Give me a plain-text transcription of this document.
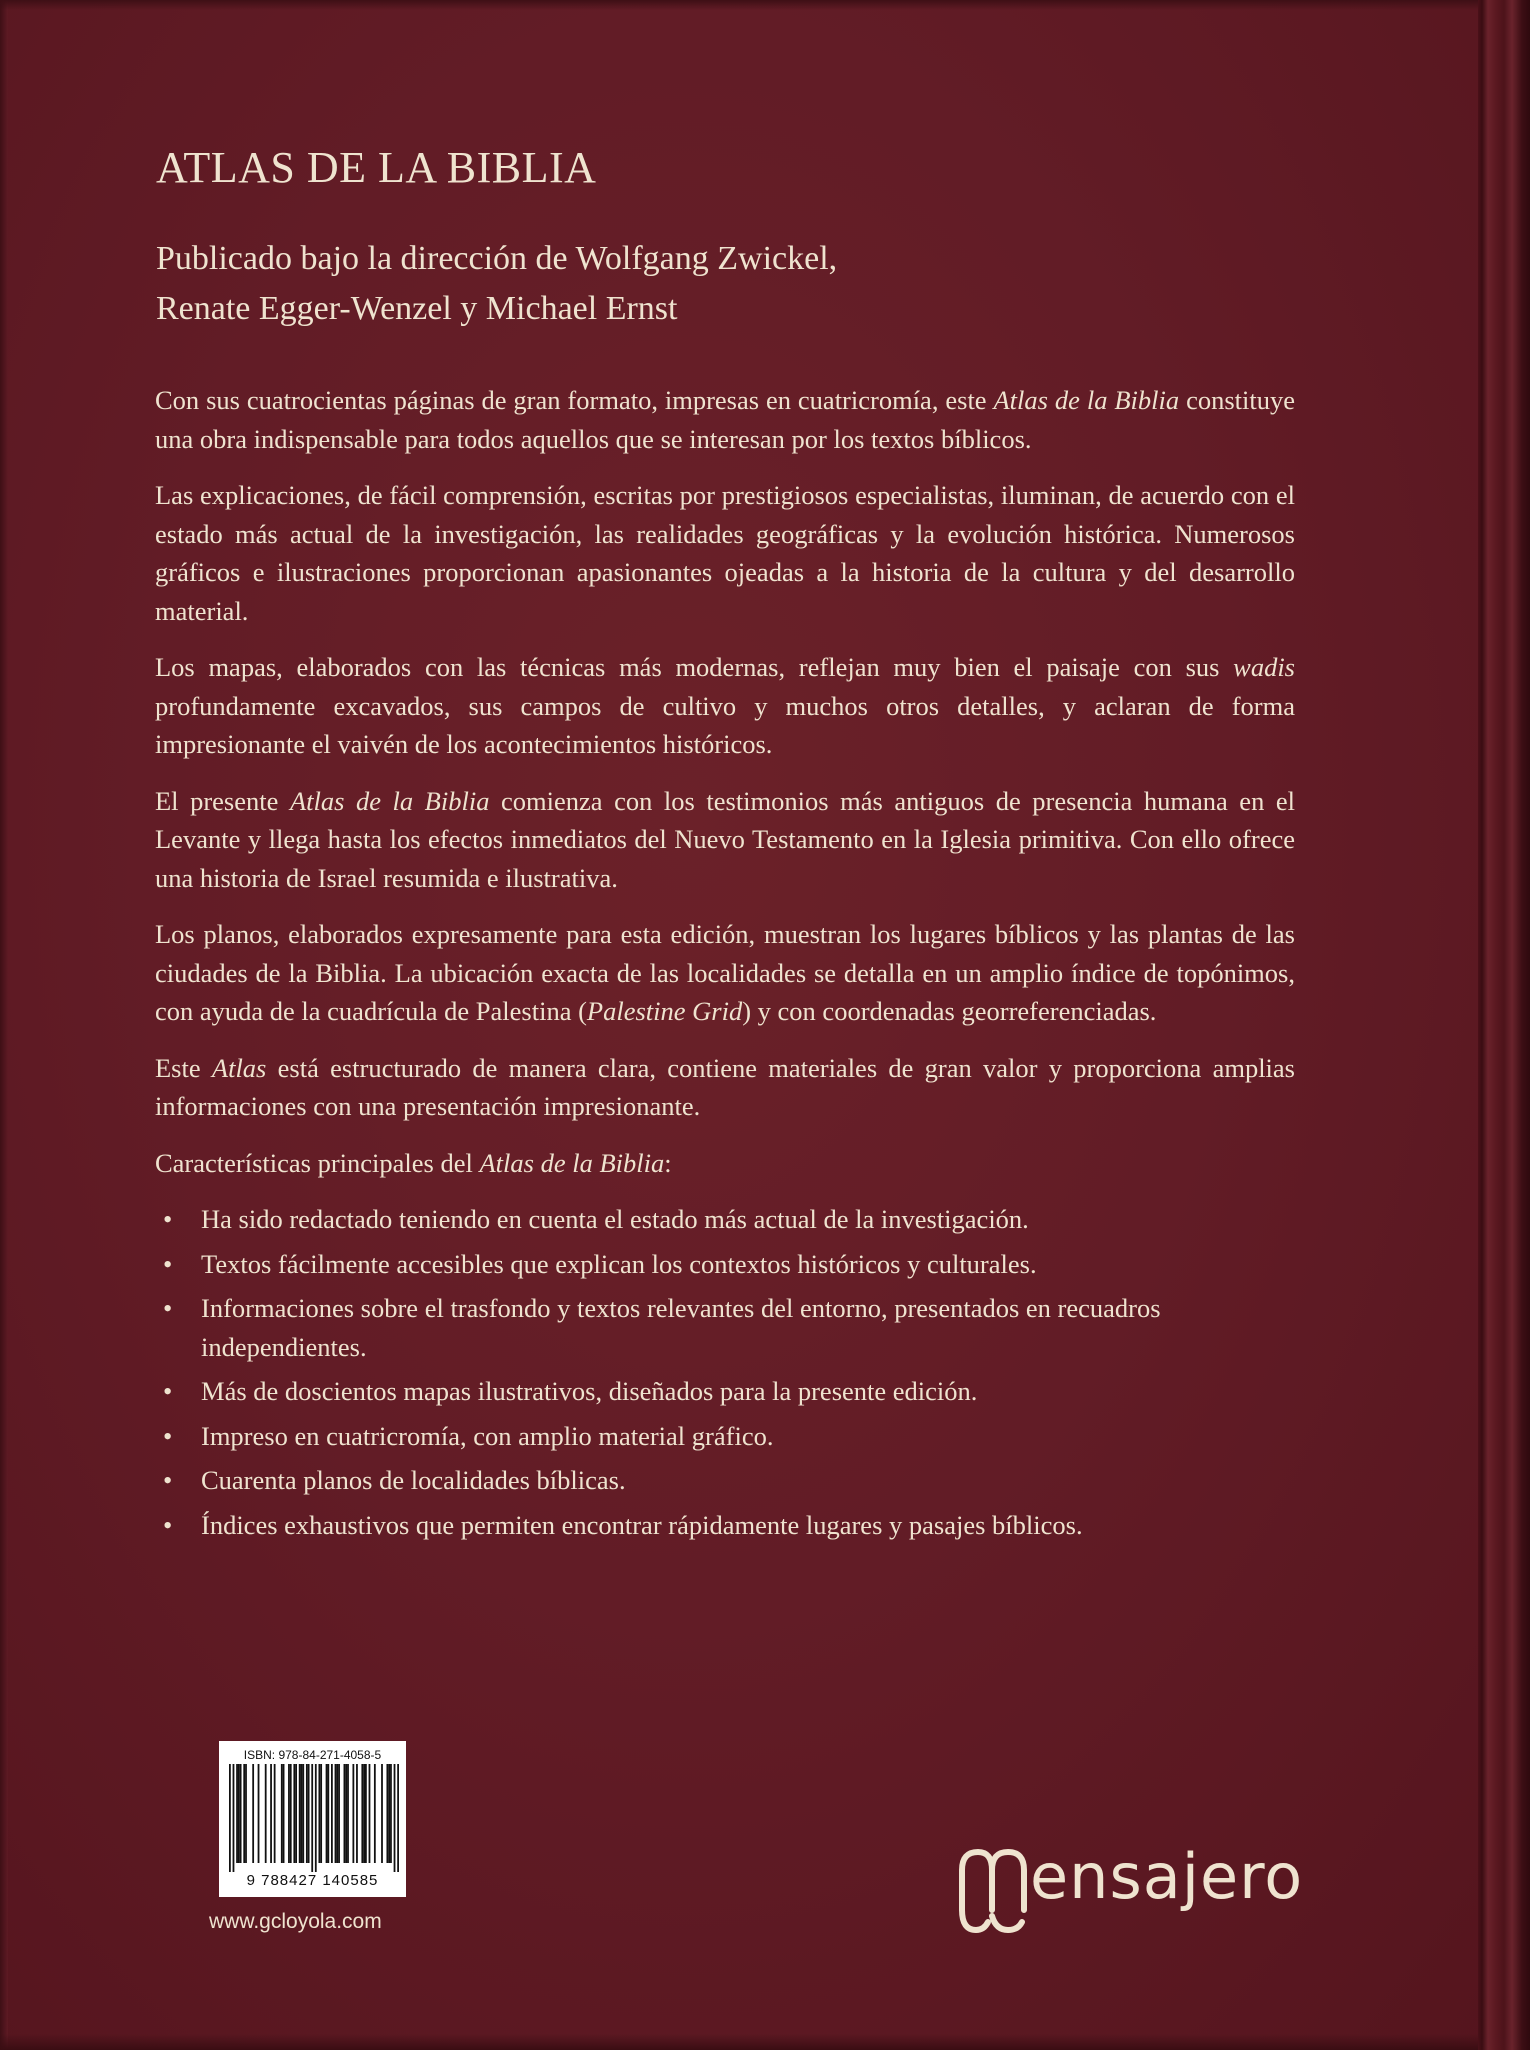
ATLAS DE LA BIBLIA
Publicado bajo la dirección de Wolfgang Zwickel,
Renate Egger-Wenzel y Michael Ernst

Con sus cuatrocientas páginas de gran formato, impresas en cuatricromía, este Atlas de la Biblia constituye una obra indispensable para todos aquellos que se interesan por los textos bíblicos.

Las explicaciones, de fácil comprensión, escritas por prestigiosos especialistas, iluminan, de acuerdo con el estado más actual de la investigación, las realidades geográficas y la evolución histórica. Numerosos gráficos e ilustraciones proporcionan apasionantes ojeadas a la historia de la cultura y del desarrollo material.

Los mapas, elaborados con las técnicas más modernas, reflejan muy bien el paisaje con sus wadis profundamente excavados, sus campos de cultivo y muchos otros detalles, y aclaran de forma impresionante el vaivén de los acontecimientos históricos.

El presente Atlas de la Biblia comienza con los testimonios más antiguos de presencia humana en el Levante y llega hasta los efectos inmediatos del Nuevo Testamento en la Iglesia primitiva. Con ello ofrece una historia de Israel resumida e ilustrativa.

Los planos, elaborados expresamente para esta edición, muestran los lugares bíblicos y las plantas de las ciudades de la Biblia. La ubicación exacta de las localidades se detalla en un amplio índice de topónimos, con ayuda de la cuadrícula de Palestina (Palestine Grid) y con coordenadas georreferenciadas.

Este Atlas está estructurado de manera clara, contiene materiales de gran valor y proporciona amplias informaciones con una presentación impresionante.

Características principales del Atlas de la Biblia:

• Ha sido redactado teniendo en cuenta el estado más actual de la investigación.
• Textos fácilmente accesibles que explican los contextos históricos y culturales.
• Informaciones sobre el trasfondo y textos relevantes del entorno, presentados en recuadros independientes.
• Más de doscientos mapas ilustrativos, diseñados para la presente edición.
• Impreso en cuatricromía, con amplio material gráfico.
• Cuarenta planos de localidades bíblicas.
• Índices exhaustivos que permiten encontrar rápidamente lugares y pasajes bíblicos.
ISBN: 978-84-271-4058-5
9 788427 140585
www.gcloyola.com
ensajero
